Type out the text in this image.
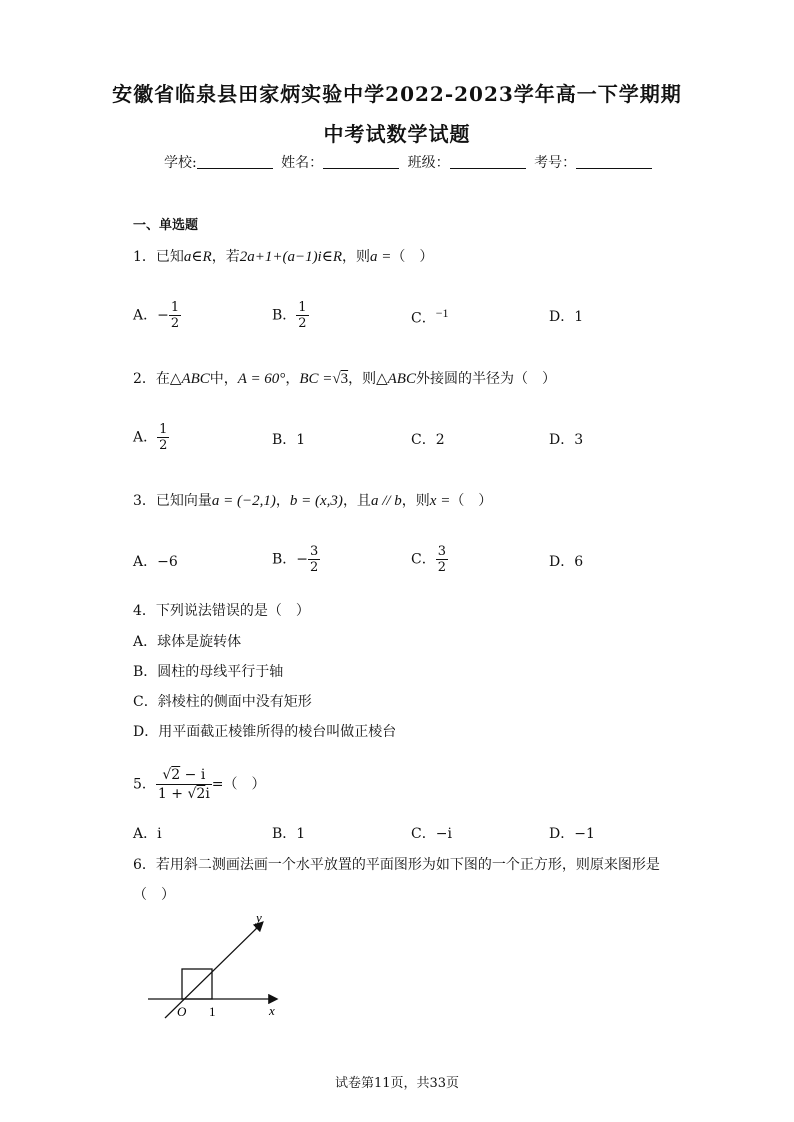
安徽省临泉县田家炳实验中学2022-2023学年高一下学期期
中考试数学试题
学校:	姓名：	班级：	考号：
一、单选题
1．已知a∈R，若2a+1+(a−1)i∈R，则a =（　）
A．− $\frac{1}{2}$	B． $\frac{1}{2}$	C．$^{-1}$	D．1
2．在△ABC中，A = 60°，BC =√3，则△ABC外接圆的半径为（　）
A． $\frac{1}{2}$	B．1	C．2	D．3
3．已知向量a = (−2,1)，b = (x,3)，且a // b，则x =（　）
A．−6	B．− $\frac{3}{2}$	C． $\frac{3}{2}$	D．6
4．下列说法错误的是（　）
A．球体是旋转体
B．圆柱的母线平行于轴
C．斜棱柱的侧面中没有矩形
D．用平面截正棱锥所得的棱台叫做正棱台
5． $\frac{√2 - i}{1 + √2i}$ =（　）
A．i	B．1	C．−i	D．−1
6．若用斜二测画法画一个水平放置的平面图形为如下图的一个正方形，则原来图形是
（　）
y
x
O 1
试卷第11页，共33页
